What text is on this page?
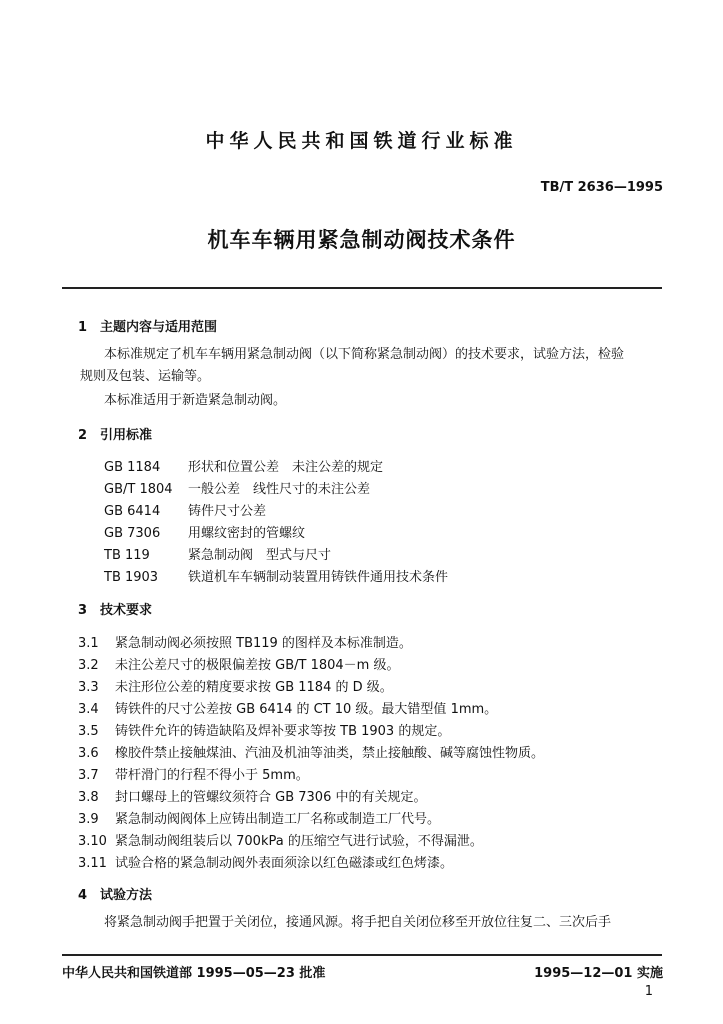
中华人民共和国铁道行业标准
TB/T 2636—1995
机车车辆用紧急制动阀技术条件
1 主题内容与适用范围
本标准规定了机车车辆用紧急制动阀（以下简称紧急制动阀）的技术要求，试验方法，检验
规则及包装、运输等。
本标准适用于新造紧急制动阀。
2 引用标准
GB 1184 形状和位置公差　未注公差的规定
GB/T 1804 一般公差　线性尺寸的未注公差
GB 6414 铸件尺寸公差
GB 7306 用螺纹密封的管螺纹
TB 119	紧急制动阀　型式与尺寸
TB 1903 铁道机车车辆制动装置用铸铁件通用技术条件
3 技术要求
3.1 紧急制动阀必须按照 TB119 的图样及本标准制造。
3.2 未注公差尺寸的极限偏差按 GB/T 1804－m 级。
3.3 未注形位公差的精度要求按 GB 1184 的 D 级。
3.4 铸铁件的尺寸公差按 GB 6414 的 CT 10 级。最大错型值 1mm。
3.5 铸铁件允许的铸造缺陷及焊补要求等按 TB 1903 的规定。
3.6 橡胶件禁止接触煤油、汽油及机油等油类，禁止接触酸、碱等腐蚀性物质。
3.7 带杆滑门的行程不得小于 5mm。
3.8 封口螺母上的管螺纹须符合 GB 7306 中的有关规定。
3.9 紧急制动阀阀体上应铸出制造工厂名称或制造工厂代号。
3.10 紧急制动阀组装后以 700kPa 的压缩空气进行试验，不得漏泄。
3.11 试验合格的紧急制动阀外表面须涂以红色磁漆或红色烤漆。
4 试验方法
将紧急制动阀手把置于关闭位，接通风源。将手把自关闭位移至开放位往复二、三次后手
中华人民共和国铁道部 1995—05—23 批准	1995—12—01 实施
1
